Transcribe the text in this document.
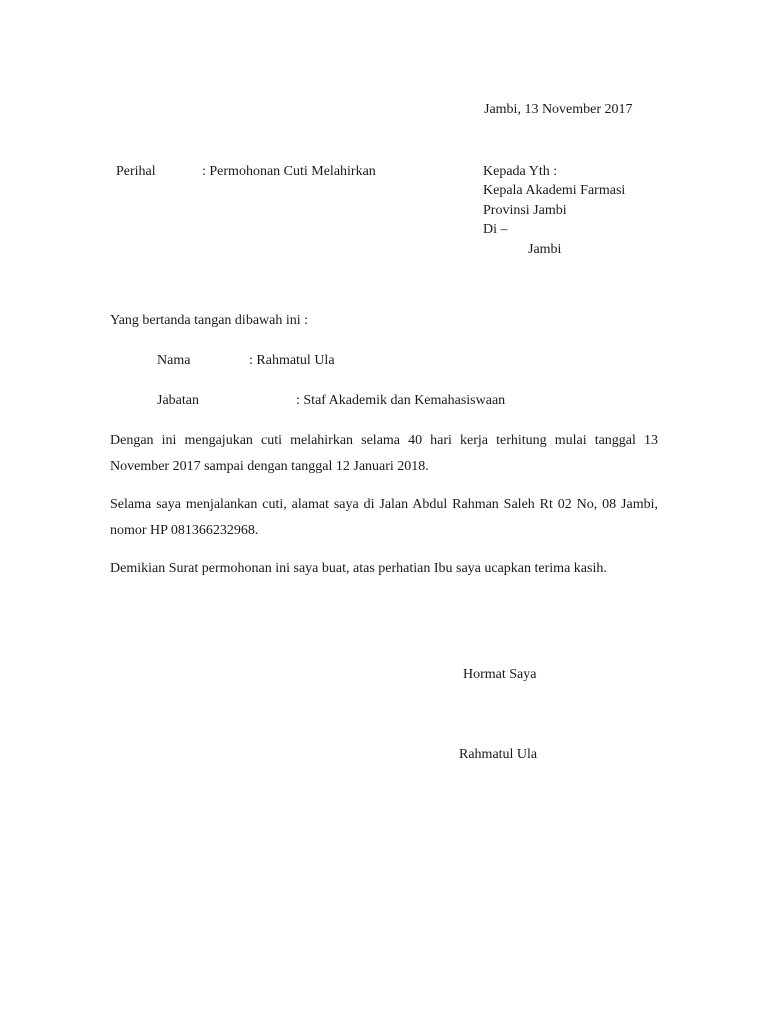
Jambi, 13 November 2017
Perihal	: Permohonan Cuti Melahirkan	Kepada Yth :
Kepala Akademi Farmasi
Provinsi Jambi
Di –
Jambi
Yang bertanda tangan dibawah ini :
Nama	: Rahmatul Ula
Jabatan	: Staf Akademik dan Kemahasiswaan

Dengan ini mengajukan cuti melahirkan selama 40 hari kerja terhitung mulai tanggal 13 November 2017 sampai dengan tanggal 12 Januari 2018.

Selama saya menjalankan cuti, alamat saya di Jalan Abdul Rahman Saleh Rt 02 No, 08 Jambi, nomor HP 081366232968.

Demikian Surat permohonan ini saya buat, atas perhatian Ibu saya ucapkan terima kasih.

Hormat Saya
Rahmatul Ula
